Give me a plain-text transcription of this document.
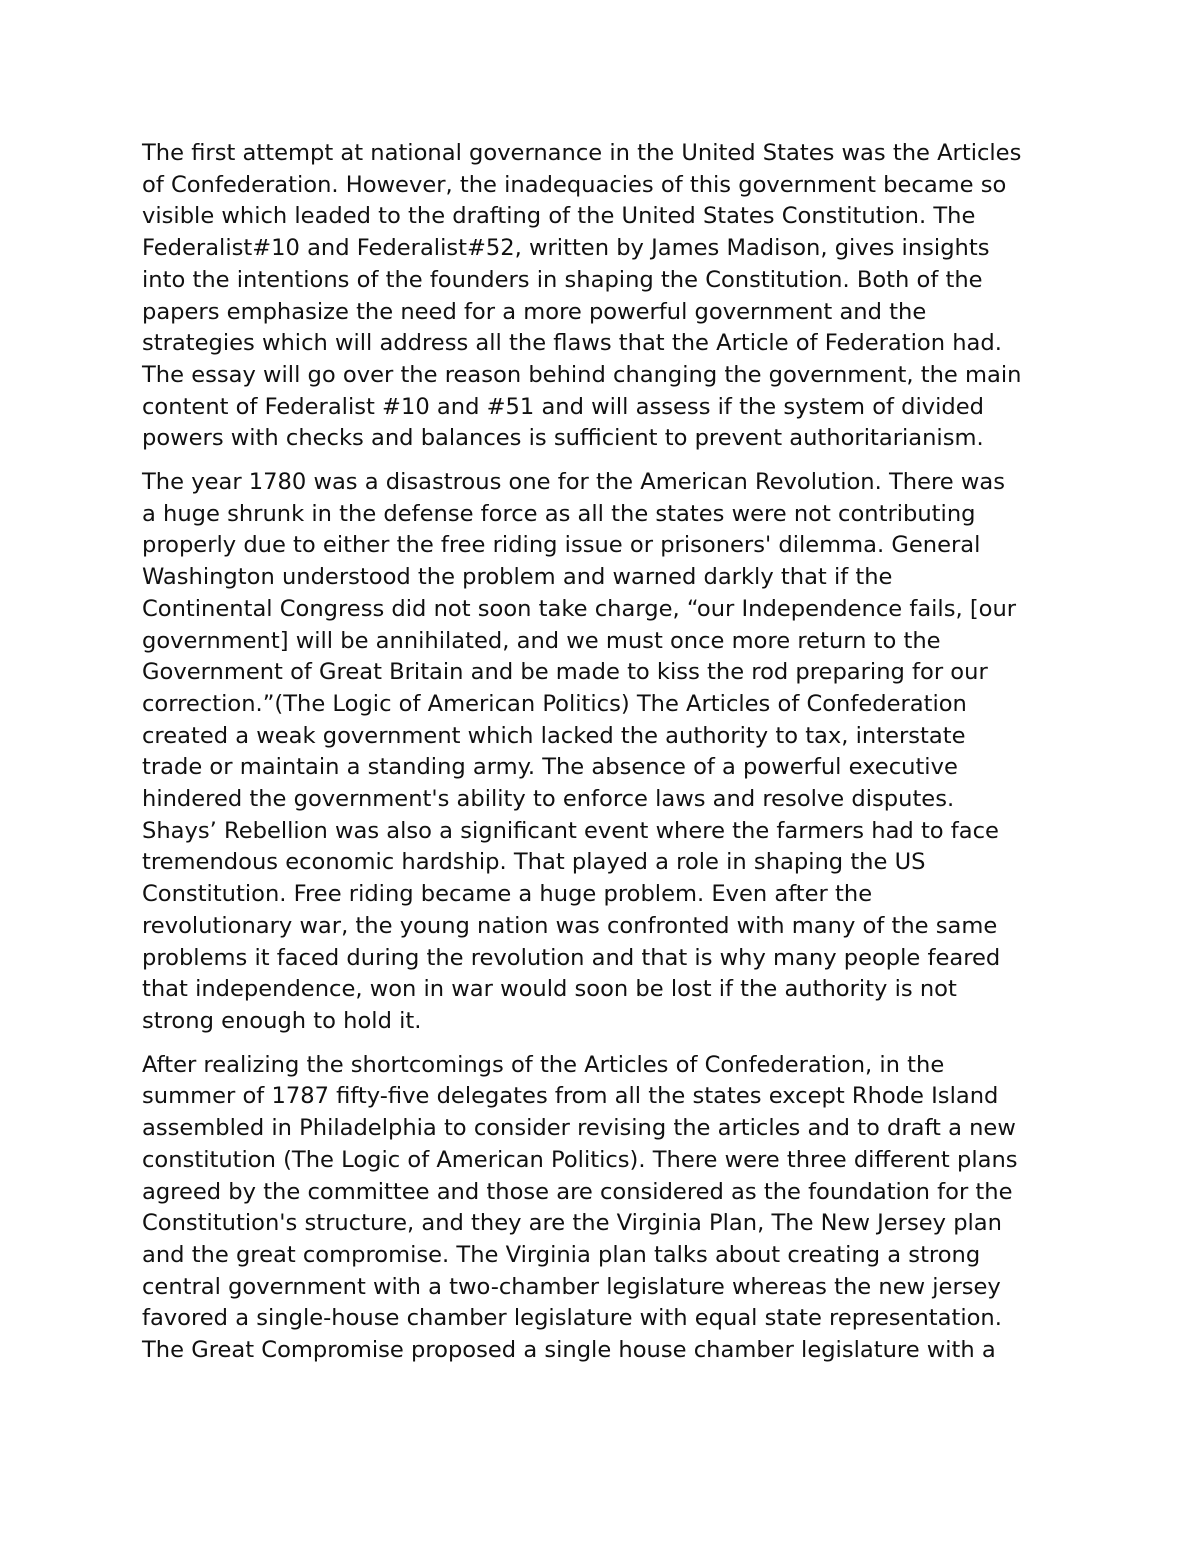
The first attempt at national governance in the United States was the Articles
of Confederation. However, the inadequacies of this government became so
visible which leaded to the drafting of the United States Constitution. The
Federalist#10 and Federalist#52, written by James Madison, gives insights
into the intentions of the founders in shaping the Constitution. Both of the
papers emphasize the need for a more powerful government and the
strategies which will address all the flaws that the Article of Federation had.
The essay will go over the reason behind changing the government, the main
content of Federalist #10 and #51 and will assess if the system of divided
powers with checks and balances is sufficient to prevent authoritarianism.

The year 1780 was a disastrous one for the American Revolution. There was
a huge shrunk in the defense force as all the states were not contributing
properly due to either the free riding issue or prisoners' dilemma. General
Washington understood the problem and warned darkly that if the
Continental Congress did not soon take charge, “our Independence fails, [our
government] will be annihilated, and we must once more return to the
Government of Great Britain and be made to kiss the rod preparing for our
correction.”(The Logic of American Politics) The Articles of Confederation
created a weak government which lacked the authority to tax, interstate
trade or maintain a standing army. The absence of a powerful executive
hindered the government's ability to enforce laws and resolve disputes.
Shays’ Rebellion was also a significant event where the farmers had to face
tremendous economic hardship. That played a role in shaping the US
Constitution. Free riding became a huge problem. Even after the
revolutionary war, the young nation was confronted with many of the same
problems it faced during the revolution and that is why many people feared
that independence, won in war would soon be lost if the authority is not
strong enough to hold it.

After realizing the shortcomings of the Articles of Confederation, in the
summer of 1787 fifty-five delegates from all the states except Rhode Island
assembled in Philadelphia to consider revising the articles and to draft a new
constitution (The Logic of American Politics). There were three different plans
agreed by the committee and those are considered as the foundation for the
Constitution's structure, and they are the Virginia Plan, The New Jersey plan
and the great compromise. The Virginia plan talks about creating a strong
central government with a two-chamber legislature whereas the new jersey
favored a single-house chamber legislature with equal state representation.
The Great Compromise proposed a single house chamber legislature with a
